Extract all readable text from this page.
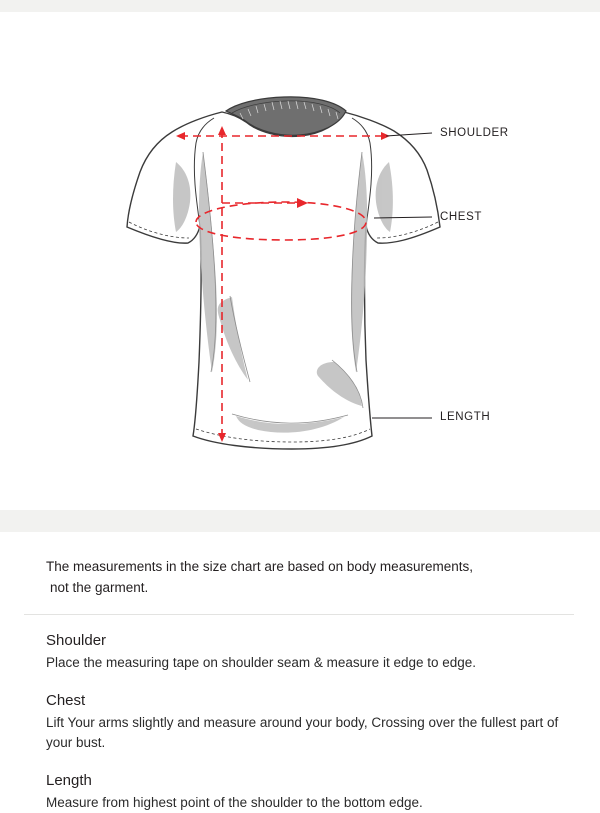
SHOULDER
CHEST
LENGTH
The measurements in the size chart are based on body measurements,
not the garment.

Shoulder

Place the measuring tape on shoulder seam & measure it edge to edge.

Chest

Lift Your arms slightly and measure around your body, Crossing over the fullest part of your bust.

Length

Measure from highest point of the shoulder to the bottom edge.
